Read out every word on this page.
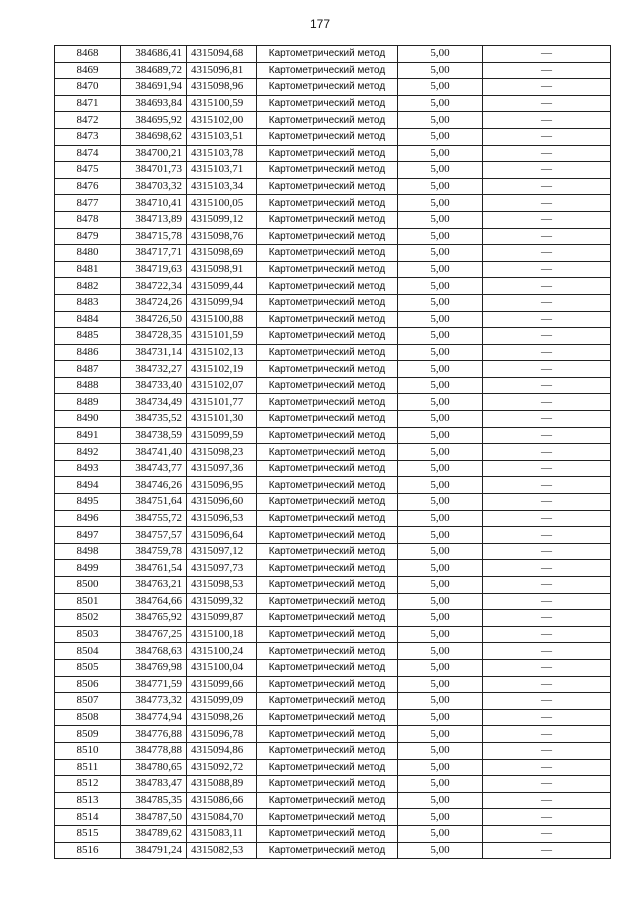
177
8468	384686,41	4315094,68	Картометрический метод	5,00	—
8469	384689,72	4315096,81	Картометрический метод	5,00	—
8470	384691,94	4315098,96	Картометрический метод	5,00	—
8471	384693,84	4315100,59	Картометрический метод	5,00	—
8472	384695,92	4315102,00	Картометрический метод	5,00	—
8473	384698,62	4315103,51	Картометрический метод	5,00	—
8474	384700,21	4315103,78	Картометрический метод	5,00	—
8475	384701,73	4315103,71	Картометрический метод	5,00	—
8476	384703,32	4315103,34	Картометрический метод	5,00	—
8477	384710,41	4315100,05	Картометрический метод	5,00	—
8478	384713,89	4315099,12	Картометрический метод	5,00	—
8479	384715,78	4315098,76	Картометрический метод	5,00	—
8480	384717,71	4315098,69	Картометрический метод	5,00	—
8481	384719,63	4315098,91	Картометрический метод	5,00	—
8482	384722,34	4315099,44	Картометрический метод	5,00	—
8483	384724,26	4315099,94	Картометрический метод	5,00	—
8484	384726,50	4315100,88	Картометрический метод	5,00	—
8485	384728,35	4315101,59	Картометрический метод	5,00	—
8486	384731,14	4315102,13	Картометрический метод	5,00	—
8487	384732,27	4315102,19	Картометрический метод	5,00	—
8488	384733,40	4315102,07	Картометрический метод	5,00	—
8489	384734,49	4315101,77	Картометрический метод	5,00	—
8490	384735,52	4315101,30	Картометрический метод	5,00	—
8491	384738,59	4315099,59	Картометрический метод	5,00	—
8492	384741,40	4315098,23	Картометрический метод	5,00	—
8493	384743,77	4315097,36	Картометрический метод	5,00	—
8494	384746,26	4315096,95	Картометрический метод	5,00	—
8495	384751,64	4315096,60	Картометрический метод	5,00	—
8496	384755,72	4315096,53	Картометрический метод	5,00	—
8497	384757,57	4315096,64	Картометрический метод	5,00	—
8498	384759,78	4315097,12	Картометрический метод	5,00	—
8499	384761,54	4315097,73	Картометрический метод	5,00	—
8500	384763,21	4315098,53	Картометрический метод	5,00	—
8501	384764,66	4315099,32	Картометрический метод	5,00	—
8502	384765,92	4315099,87	Картометрический метод	5,00	—
8503	384767,25	4315100,18	Картометрический метод	5,00	—
8504	384768,63	4315100,24	Картометрический метод	5,00	—
8505	384769,98	4315100,04	Картометрический метод	5,00	—
8506	384771,59	4315099,66	Картометрический метод	5,00	—
8507	384773,32	4315099,09	Картометрический метод	5,00	—
8508	384774,94	4315098,26	Картометрический метод	5,00	—
8509	384776,88	4315096,78	Картометрический метод	5,00	—
8510	384778,88	4315094,86	Картометрический метод	5,00	—
8511	384780,65	4315092,72	Картометрический метод	5,00	—
8512	384783,47	4315088,89	Картометрический метод	5,00	—
8513	384785,35	4315086,66	Картометрический метод	5,00	—
8514	384787,50	4315084,70	Картометрический метод	5,00	—
8515	384789,62	4315083,11	Картометрический метод	5,00	—
8516	384791,24	4315082,53	Картометрический метод	5,00	—
